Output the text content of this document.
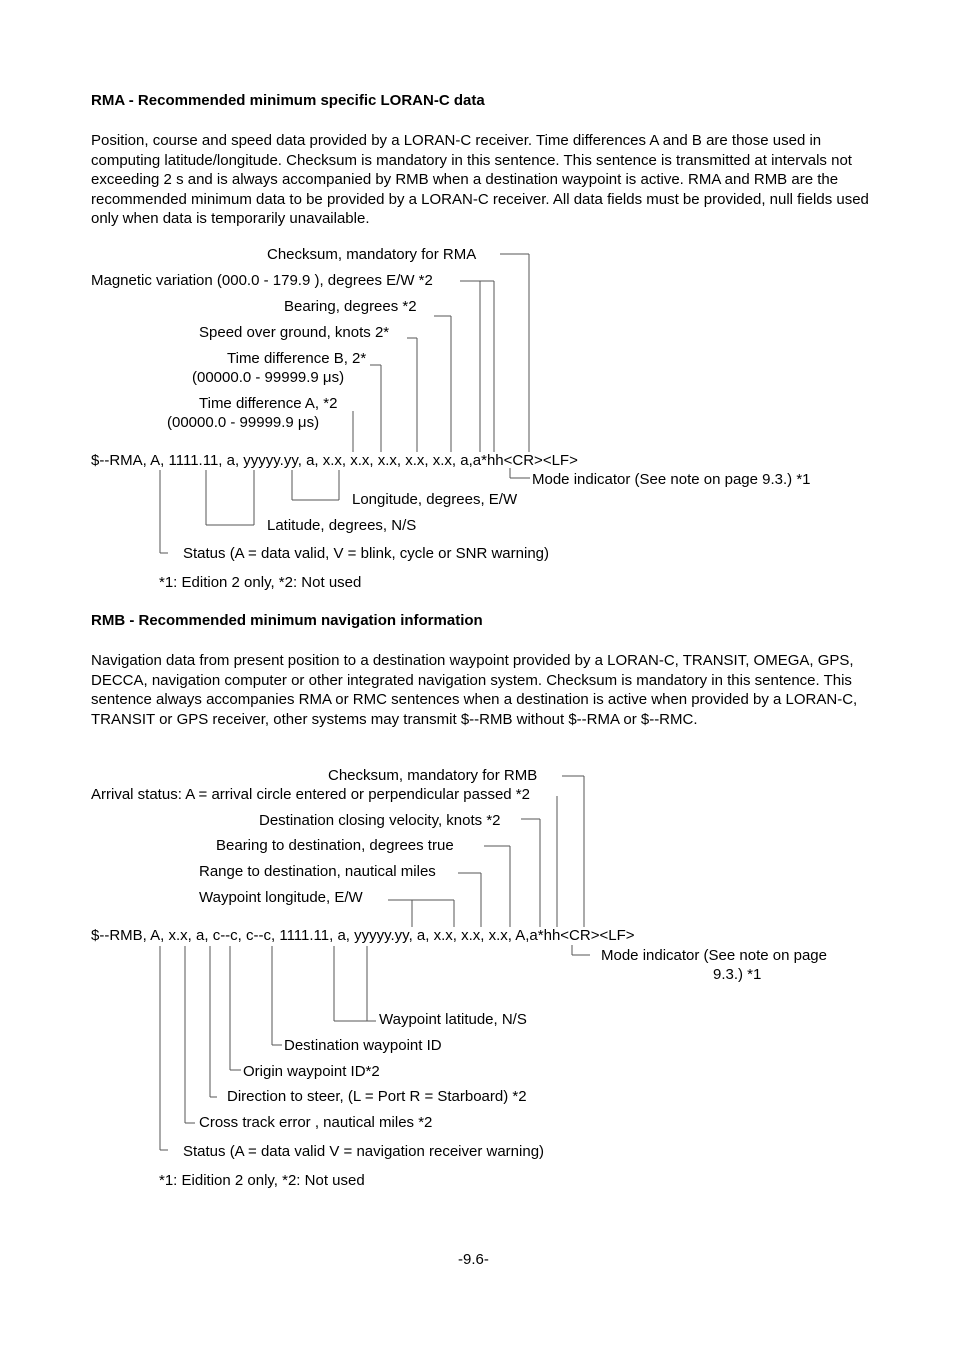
RMA - Recommended minimum specific LORAN-C data

Position, course and speed data provided by a LORAN-C receiver. Time differences A and B are those used in computing latitude/longitude. Checksum is mandatory in this sentence. This sentence is transmitted at intervals not exceeding 2 s and is always accompanied by RMB when a destination waypoint is active. RMA and RMB are the recommended minimum data to be provided by a LORAN-C receiver. All data fields must be provided, null fields used only when data is temporarily unavailable.

Checksum, mandatory for RMA
Magnetic variation (000.0 - 179.9 ), degrees E/W *2
Bearing, degrees *2
Speed over ground, knots 2*
Time difference B, 2*
(00000.0 - 99999.9 μs)
Time difference A, *2
(00000.0 - 99999.9 μs)
$--RMA, A, 1111.11, a, yyyyy.yy, a, x.x, x.x, x.x, x.x, x.x, a,a*hh<CR><LF>
Mode indicator (See note on page 9.3.) *1
Longitude, degrees, E/W
Latitude, degrees, N/S
Status (A = data valid, V = blink, cycle or SNR warning)
*1: Edition 2 only, *2: Not used
RMB - Recommended minimum navigation information

Navigation data from present position to a destination waypoint provided by a LORAN-C, TRANSIT, OMEGA, GPS, DECCA, navigation computer or other integrated navigation system. Checksum is mandatory in this sentence. This sentence always accompanies RMA or RMC sentences when a destination is active when provided by a LORAN-C, TRANSIT or GPS receiver, other systems may transmit $--RMB without $--RMA or $--RMC.

Checksum, mandatory for RMB
Arrival status: A = arrival circle entered or perpendicular passed *2
Destination closing velocity, knots *2
Bearing to destination, degrees true
Range to destination, nautical miles
Waypoint longitude, E/W
$--RMB, A, x.x, a, c--c, c--c, 1111.11, a, yyyyy.yy, a, x.x, x.x, x.x, A,a*hh<CR><LF>
Mode indicator (See note on page
9.3.) *1
Waypoint latitude, N/S
Destination waypoint ID
Origin waypoint ID*2
Direction to steer, (L = Port R = Starboard) *2
Cross track error , nautical miles *2
Status (A = data valid V = navigation receiver warning)
*1: Eidition 2 only, *2: Not used
-9.6-
